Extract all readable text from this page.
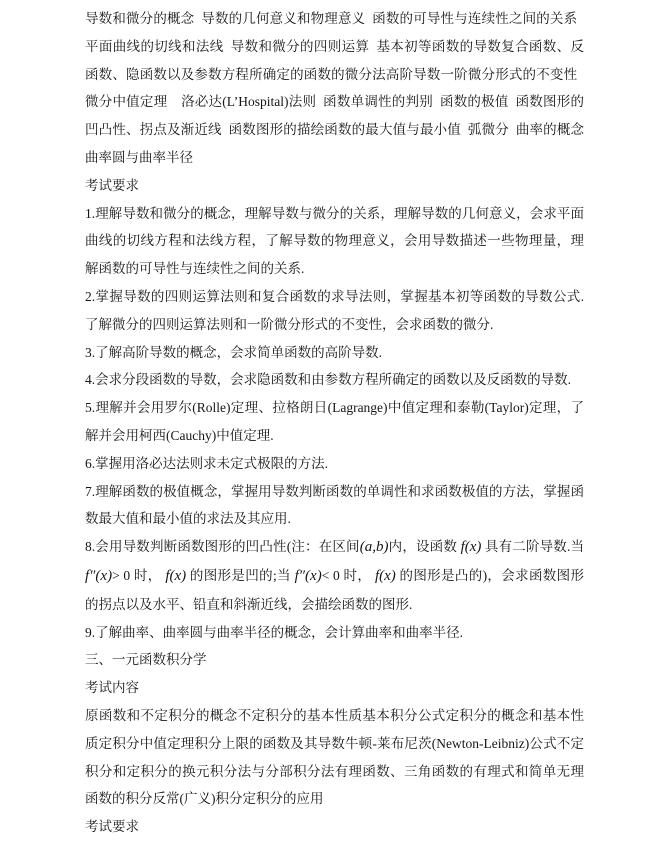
导数和微分的概念 导数的几何意义和物理意义 函数的可导性与连续性之间的关系 平面曲线的切线和法线 导数和微分的四则运算 基本初等函数的导数复合函数、反函数、隐函数以及参数方程所确定的函数的微分法高阶导数一阶微分形式的不变性 微分中值定理　洛必达(L’Hospital)法则 函数单调性的判别 函数的极值 函数图形的凹凸性、拐点及渐近线 函数图形的描绘函数的最大值与最小值 弧微分 曲率的概念　曲率圆与曲率半径

考试要求

1.理解导数和微分的概念，理解导数与微分的关系，理解导数的几何意义，会求平面曲线的切线方程和法线方程，了解导数的物理意义，会用导数描述一些物理量，理解函数的可导性与连续性之间的关系.

2.掌握导数的四则运算法则和复合函数的求导法则，掌握基本初等函数的导数公式.了解微分的四则运算法则和一阶微分形式的不变性，会求函数的微分.

3.了解高阶导数的概念，会求简单函数的高阶导数.

4.会求分段函数的导数，会求隐函数和由参数方程所确定的函数以及反函数的导数.

5.理解并会用罗尔(Rolle)定理、拉格朗日(Lagrange)中值定理和泰勒(Taylor)定理，了解并会用柯西(Cauchy)中值定理.

6.掌握用洛必达法则求未定式极限的方法.

7.理解函数的极值概念，掌握用导数判断函数的单调性和求函数极值的方法，掌握函数最大值和最小值的求法及其应用.

8.会用导数判断函数图形的凹凸性(注：在区间(a,b)内，设函数 f(x) 具有二阶导数.当 f″(x)> 0 时， f(x) 的图形是凹的;当 f″(x)< 0 时， f(x) 的图形是凸的)，会求函数图形的拐点以及水平、铅直和斜渐近线，会描绘函数的图形.

9.了解曲率、曲率圆与曲率半径的概念，会计算曲率和曲率半径.

三、一元函数积分学

考试内容

原函数和不定积分的概念不定积分的基本性质基本积分公式定积分的概念和基本性质定积分中值定理积分上限的函数及其导数牛顿-莱布尼茨(Newton-Leibniz)公式不定积分和定积分的换元积分法与分部积分法有理函数、三角函数的有理式和简单无理函数的积分反常(广义)积分定积分的应用

考试要求
